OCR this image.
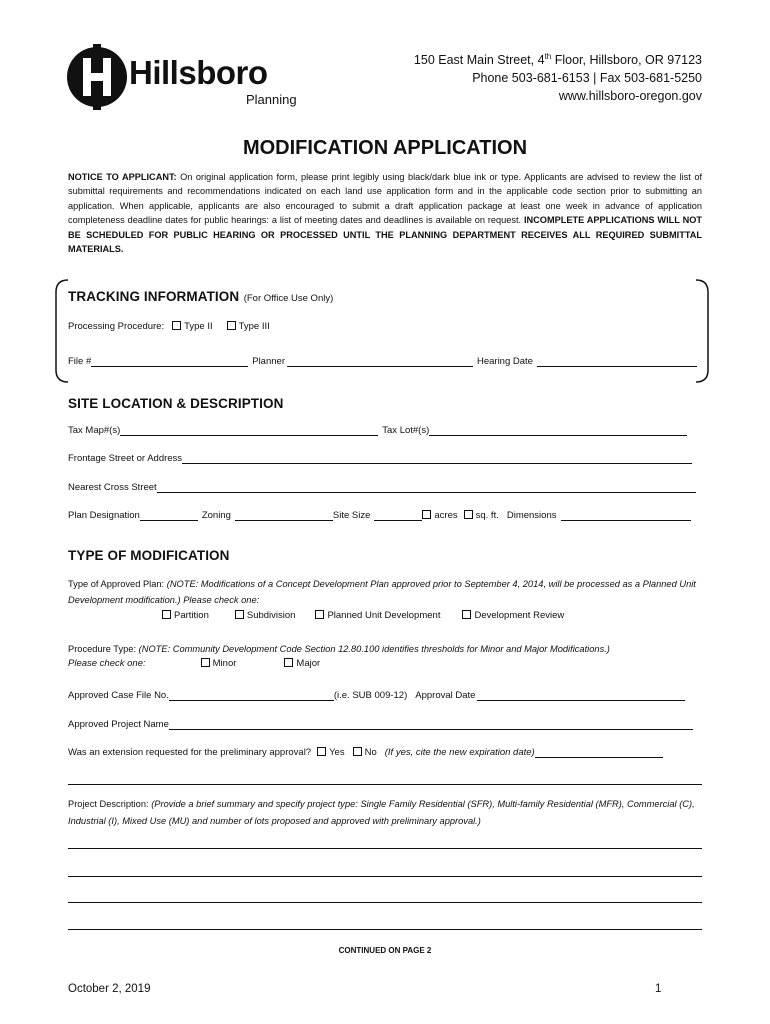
Hillsboro
Planning
150 East Main Street, 4th Floor, Hillsboro, OR 97123
Phone 503-681-6153 | Fax 503-681-5250
www.hillsboro-oregon.gov
MODIFICATION APPLICATION
NOTICE TO APPLICANT: On original application form, please print legibly using black/dark blue ink or type. Applicants are advised to review the list of submittal requirements and recommendations indicated on each land use application form and in the applicable code section prior to submitting an application. When applicable, applicants are also encouraged to submit a draft application package at least one week in advance of application completeness deadline dates for public hearings: a list of meeting dates and deadlines is available on request. INCOMPLETE APPLICATIONS WILL NOT BE SCHEDULED FOR PUBLIC HEARING OR PROCESSED UNTIL THE PLANNING DEPARTMENT RECEIVES ALL REQUIRED SUBMITTAL MATERIALS.
TRACKING INFORMATION (For Office Use Only)
Processing Procedure:	Type II	Type III
File #	Planner	Hearing Date
SITE LOCATION & DESCRIPTION
Tax Map#(s)	Tax Lot#(s)
Frontage Street or Address
Nearest Cross Street
Plan Designation	Zoning	Site Size	acres	sq. ft. Dimensions
TYPE OF MODIFICATION
Type of Approved Plan: (NOTE: Modifications of a Concept Development Plan approved prior to September 4, 2014, will be processed as a Planned Unit Development modification.) Please check one:
Partition	Subdivision	Planned Unit Development	Development Review
Procedure Type: (NOTE: Community Development Code Section 12.80.100 identifies thresholds for Minor and Major Modifications.)
Please check one:	Minor	Major
Approved Case File No.	(i.e. SUB 009-12) Approval Date
Approved Project Name
Was an extension requested for the preliminary approval?	Yes	No (If yes, cite the new expiration date)
Project Description: (Provide a brief summary and specify project type: Single Family Residential (SFR), Multi-family Residential (MFR), Commercial (C), Industrial (I), Mixed Use (MU) and number of lots proposed and approved with preliminary approval.)
CONTINUED ON PAGE 2
October 2, 2019	1
